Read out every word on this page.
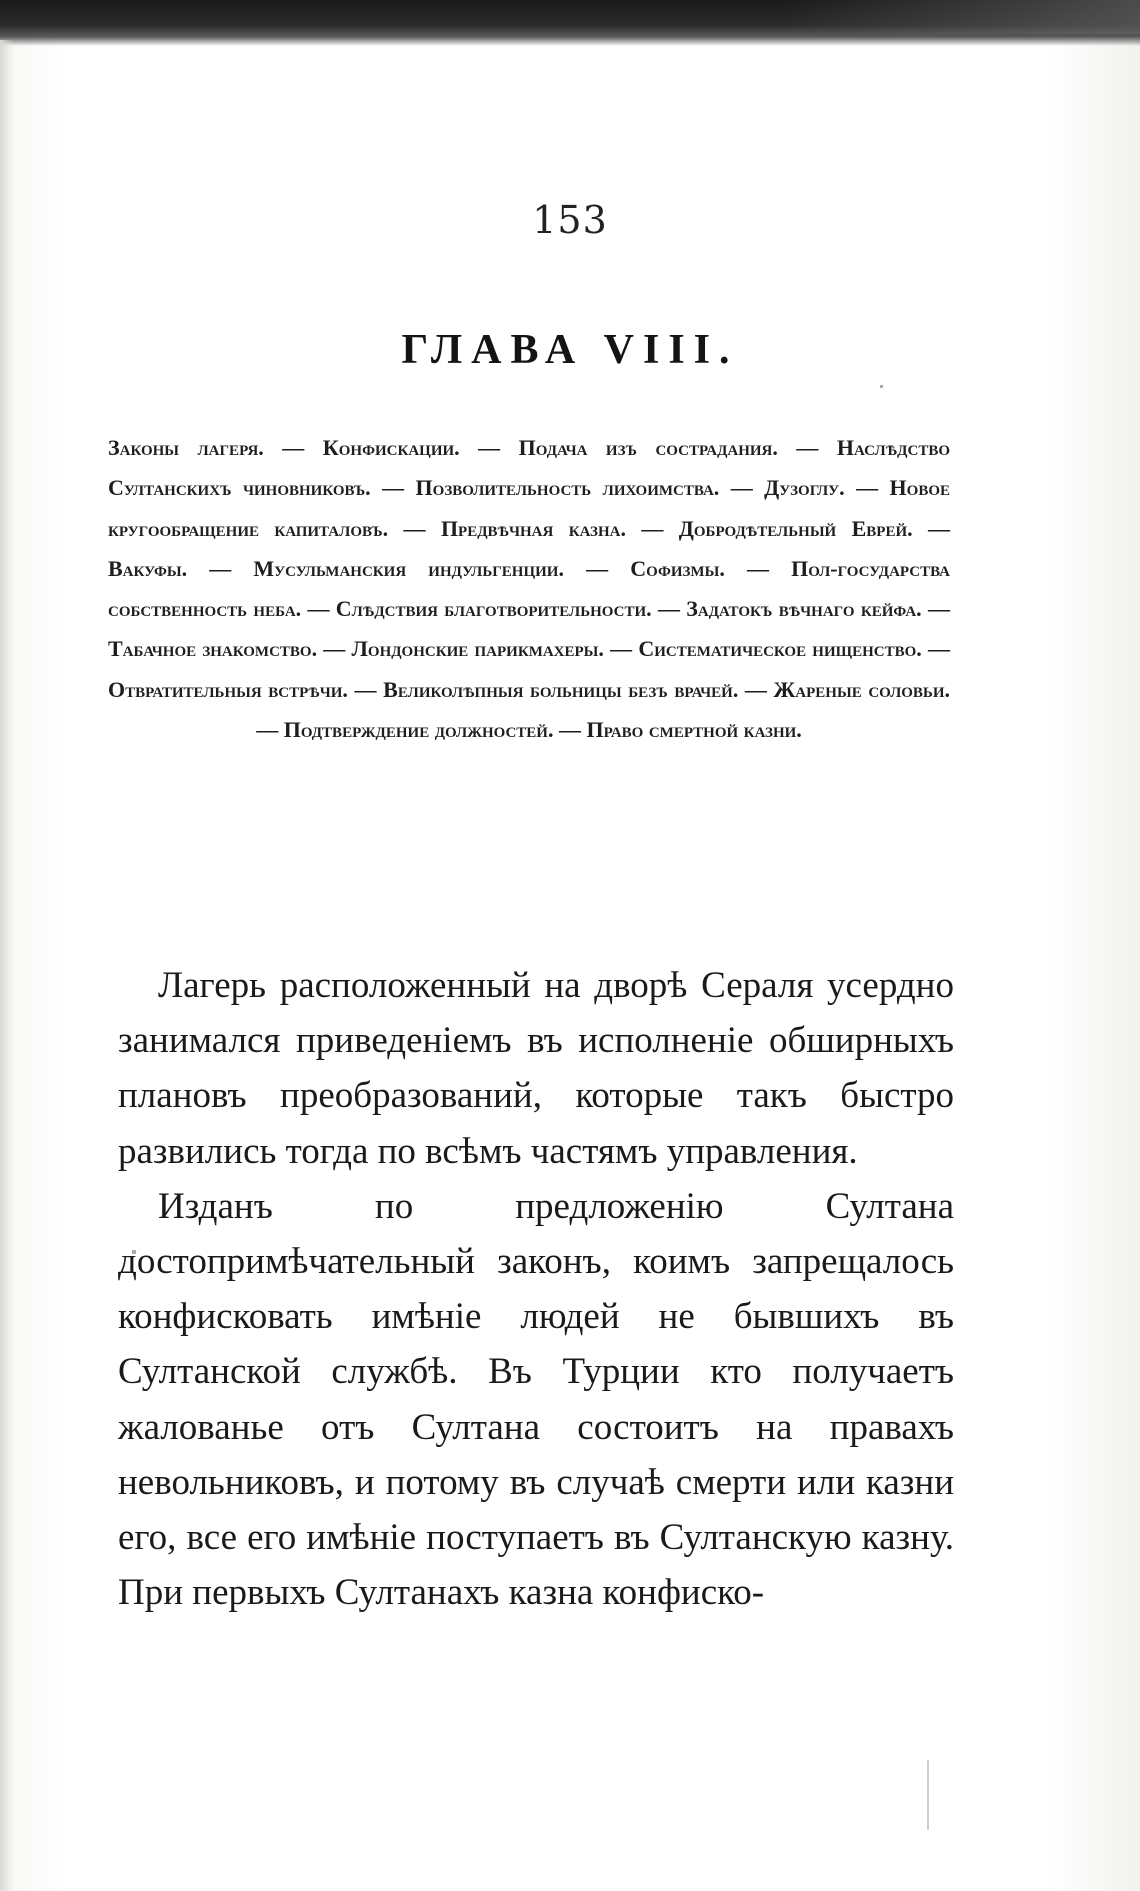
153
ГЛАВА VIII.

Законы лагеря. — Конфискации. — Подача изъ сострадания. — Наслѣдство Султанскихъ чиновниковъ. — Позволительность лихоимства. — Дузоглу. — Новое кругообращение капиталовъ. — Предвѣчная казна. — Добродѣтельный Еврей. — Вакуфы. — Мусульманския индульгенции. — Софизмы. — Пол-государства собственность неба. — Слѣдствия благотворительности. — Задатокъ вѣчнаго кейфа. — Табачное знакомство. — Лондонские парикмахеры. — Систематическое нищенство. — Отвратительныя встрѣчи. — Великолѣпныя больницы безъ врачей. — Жареные соловьи. — Подтверждение должностей. — Право смертной казни.

Лагерь расположенный на дворѣ Сераля усердно занимался приведенiемъ въ исполненiе обширныхъ плановъ преобразований, которые такъ быстро развились тогда по всѣмъ частямъ управления.

Изданъ по предложенiю Султана достопримѣчательный законъ, коимъ запрещалось конфисковать имѣнiе людей не бывшихъ въ Султанской службѣ. Въ Турции кто получаетъ жалованье отъ Султана состоитъ на правахъ невольниковъ, и потому въ случаѣ смерти или казни его, все его имѣнiе поступаетъ въ Султанскую казну. При первыхъ Султанахъ казна конфиско-
